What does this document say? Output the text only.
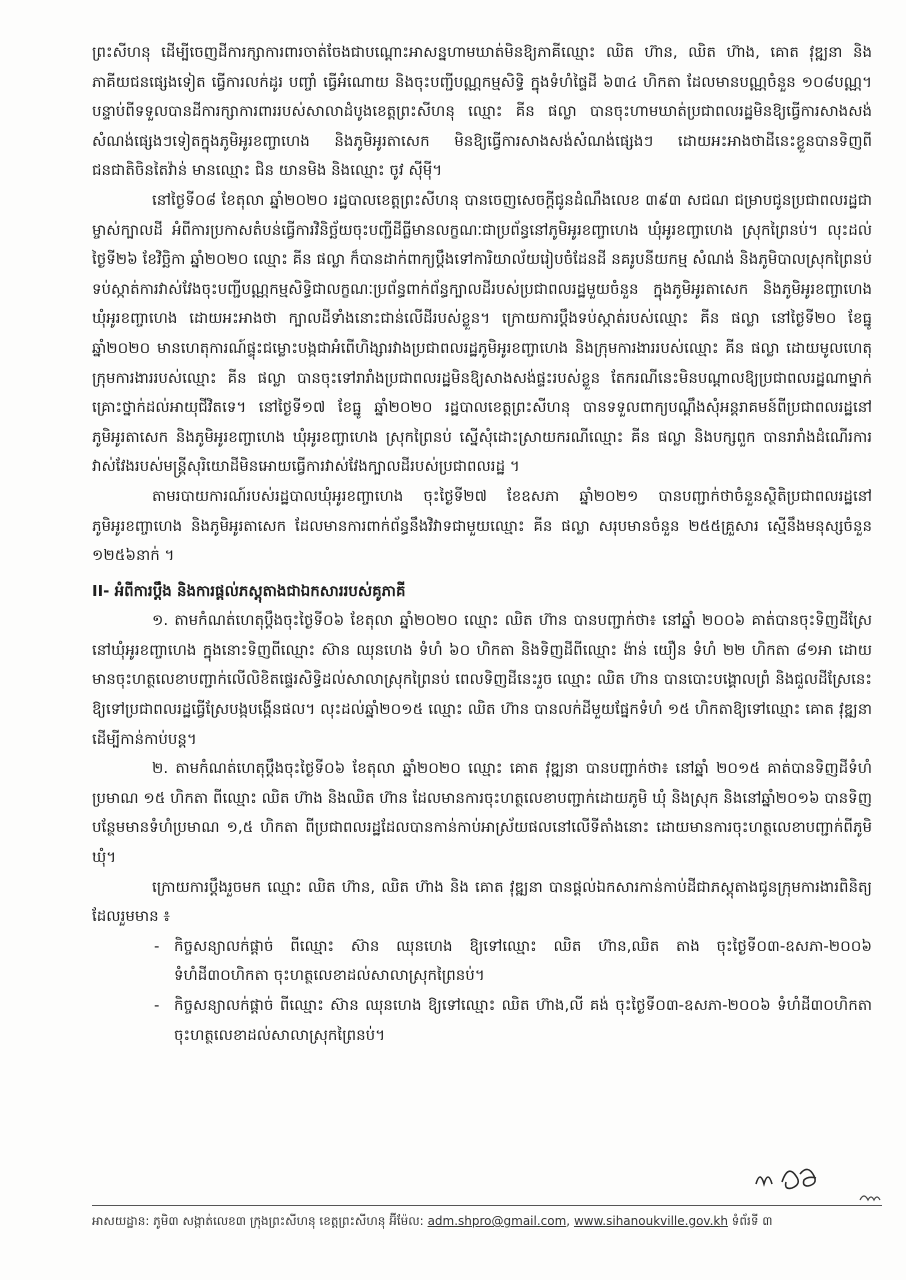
ព្រះសីហនុ ដើម្បីចេញដីការក្សាការពារចាត់ចែងជាបណ្ដោះអាសន្នហាមឃាត់មិនឱ្យភាគីឈ្មោះ ឈិត ហ៊ាន, ឈិត ហ៊ាង, គោត វុឌ្ឍនា និងភាគីយជនផ្សេងទៀត ធ្វើការលក់ដូរ បញ្ចាំ ធ្វើអំណោយ និងចុះបញ្ជីបណ្ណកម្មសិទ្ធិ ក្នុងទំហំផ្ទៃដី ៦៣៤ ហិកតា ដែលមានបណ្ណចំនួន ១០៨បណ្ណ។ បន្ទាប់ពីទទួលបានដីការក្សាការពាររបស់សាលាដំបូងខេត្តព្រះសីហនុ ឈ្មោះ គីន ផល្លា បានចុះហាមឃាត់ប្រជាពលរដ្ឋមិនឱ្យធ្វើការសាងសង់សំណង់ផ្សេងៗទៀតក្នុងភូមិអូរខញ្ចាហេង និងភូមិអូរតាសេក មិនឱ្យធ្វើការសាងសង់សំណង់ផ្សេងៗ ដោយអះអាងថាដីនេះខ្លួនបានទិញពីជនជាតិចិនតៃវ៉ាន់ មានឈ្មោះ ជិន យានមិង និងឈ្មោះ ចូវ ស៊ីម៉ី។

នៅថ្ងៃទី០៨ ខែតុលា ឆ្នាំ២០២០ រដ្ឋបាលខេត្តព្រះសីហនុ បានចេញសេចក្ដីជូនដំណឹងលេខ ៣៩៣ សជណ ជម្រាបជូនប្រជាពលរដ្ឋជាម្ចាស់ក្បាលដី អំពីការប្រកាសតំបន់ធ្វើការវិនិច្ឆ័យចុះបញ្ជីដីធ្លីមានលក្ខណៈជាប្រព័ន្ធនៅភូមិអូរខញ្ចាហេង ឃុំអូរខញ្ចាហេង ស្រុកព្រៃនប់។ លុះដល់ថ្ងៃទី២៦ ខែវិច្ឆិកា ឆ្នាំ២០២០ ឈ្មោះ គីន ផល្លា ក៏បានដាក់ពាក្យប្ដឹងទៅការិយាល័យរៀបចំដែនដី នគរូបនីយកម្ម សំណង់ និងភូមិបាលស្រុកព្រៃនប់ ទប់ស្កាត់ការវាស់វែងចុះបញ្ជីបណ្ណកម្មសិទ្ធិជាលក្ខណៈប្រព័ន្ធពាក់ព័ន្ធក្បាលដីរបស់ប្រជាពលរដ្ឋមួយចំនួន ក្នុងភូមិអូរតាសេក និងភូមិអូរខញ្ចាហេង ឃុំអូរខញ្ចាហេង ដោយអះអាងថា ក្បាលដីទាំងនោះជាន់លើដីរបស់ខ្លួន។ ក្រោយការប្ដឹងទប់ស្កាត់របស់ឈ្មោះ គីន ផល្លា នៅថ្ងៃទី២០ ខែធ្នូ ឆ្នាំ២០២០ មានហេតុការណ៍ផ្ទុះជម្លោះបង្កជាអំពើហិង្សារវាងប្រជាពលរដ្ឋភូមិអូរខញ្ចាហេង និងក្រុមការងាររបស់ឈ្មោះ គីន ផល្លា ដោយមូលហេតុក្រុមការងាររបស់ឈ្មោះ គីន ផល្លា បានចុះទៅរារាំងប្រជាពលរដ្ឋមិនឱ្យសាងសង់ផ្ទះរបស់ខ្លួន តែករណីនេះមិនបណ្ដាលឱ្យប្រជាពលរដ្ឋណាម្នាក់គ្រោះថ្នាក់ដល់អាយុជីវិតទេ។ នៅថ្ងៃទី១៧ ខែធ្នូ ឆ្នាំ២០២០ រដ្ឋបាលខេត្តព្រះសីហនុ បានទទួលពាក្យបណ្ដឹងសុំអន្តរាគមន៍ពីប្រជាពលរដ្ឋនៅភូមិអូរតាសេក និងភូមិអូរខញ្ចាហេង ឃុំអូរខញ្ចាហេង ស្រុកព្រៃនប់ ស្នើសុំដោះស្រាយករណីឈ្មោះ គីន ផល្លា និងបក្សពួក បានរារាំងដំណើរការវាស់វែងរបស់មន្ត្រីសុរិយោដីមិនអោយធ្វើការវាស់វែងក្បាលដីរបស់ប្រជាពលរដ្ឋ ។

តាមរបាយការណ៍របស់រដ្ឋបាលឃុំអូរខញ្ចាហេង ចុះថ្ងៃទី២៧ ខែឧសភា ឆ្នាំ២០២១ បានបញ្ជាក់ថាចំនួនស្ថិតិប្រជាពលរដ្ឋនៅភូមិអូរខញ្ចាហេង និងភូមិអូរតាសេក ដែលមានការពាក់ព័ន្ធនឹងវិវាទជាមួយឈ្មោះ គីន ផល្លា សរុបមានចំនួន ២៥៥គ្រួសារ ស្មើនឹងមនុស្សចំនួន ១២៥៦នាក់ ។

II- អំពីការប្ដឹង និងការផ្ដល់ភស្តុតាងជាឯកសាររបស់គូភាគី

១. តាមកំណត់ហេតុប្ដឹងចុះថ្ងៃទី០៦ ខែតុលា ឆ្នាំ២០២០ ឈ្មោះ ឈិត ហ៊ាន បានបញ្ជាក់ថា៖ នៅឆ្នាំ ២០០៦ គាត់បានចុះទិញដីស្រែនៅឃុំអូរខញ្ចាហេង ក្នុងនោះទិញពីឈ្មោះ ស៊ាន ឈុនហេង ទំហំ ៦០ ហិកតា និងទិញដីពីឈ្មោះ ង៉ាន់ យឿន ទំហំ ២២ ហិកតា ៨១អា ដោយមានចុះហត្ថលេខាបញ្ជាក់លើលិខិតផ្ទេរសិទ្ធិដល់សាលាស្រុកព្រៃនប់ ពេលទិញដីនេះរួច ឈ្មោះ ឈិត ហ៊ាន បានបោះបង្គោលព្រំ និងជួលដីស្រែនេះឱ្យទៅប្រជាពលរដ្ឋធ្វើស្រែបង្កបង្កើនផល។ លុះដល់ឆ្នាំ២០១៥ ឈ្មោះ ឈិត ហ៊ាន បានលក់ដីមួយផ្នែកទំហំ ១៥ ហិកតាឱ្យទៅឈ្មោះ គោត វុឌ្ឍនា ដើម្បីកាន់កាប់បន្ត។

២. តាមកំណត់ហេតុប្ដឹងចុះថ្ងៃទី០៦ ខែតុលា ឆ្នាំ២០២០ ឈ្មោះ គោត វុឌ្ឍនា បានបញ្ជាក់ថា៖ នៅឆ្នាំ ២០១៥ គាត់បានទិញដីទំហំប្រមាណ ១៥ ហិកតា ពីឈ្មោះ ឈិត ហ៊ាង និងឈិត ហ៊ាន ដែលមានការចុះហត្ថលេខាបញ្ជាក់ដោយភូមិ ឃុំ និងស្រុក និងនៅឆ្នាំ២០១៦ បានទិញបន្ថែមមានទំហំប្រមាណ ១,៥ ហិកតា ពីប្រជាពលរដ្ឋដែលបានកាន់កាប់អាស្រ័យផលនៅលើទីតាំងនោះ ដោយមានការចុះហត្ថលេខាបញ្ជាក់ពីភូមិ ឃុំ។

ក្រោយការប្ដឹងរួចមក ឈ្មោះ ឈិត ហ៊ាន, ឈិត ហ៊ាង និង គោត វុឌ្ឍនា បានផ្ដល់ឯកសារកាន់កាប់ដីជាភស្តុតាងជូនក្រុមការងារពិនិត្យដែលរួមមាន ៖

- កិច្ចសន្យាលក់ផ្ដាច់ ពីឈ្មោះ ស៊ាន ឈុនហេង ឱ្យទៅឈ្មោះ ឈិត ហ៊ាន,ឈិត តាង ចុះថ្ងៃទី០៣-ឧសភា-២០០៦ ទំហំដី៣០ហិកតា ចុះហត្ថលេខាដល់សាលាស្រុកព្រៃនប់។
- កិច្ចសន្យាលក់ផ្ដាច់ ពីឈ្មោះ ស៊ាន ឈុនហេង ឱ្យទៅឈ្មោះ ឈិត ហ៊ាង,លី គង់ ចុះថ្ងៃទី០៣-ឧសភា-២០០៦ ទំហំដី៣០ហិកតា ចុះហត្ថលេខាដល់សាលាស្រុកព្រៃនប់។
អាសយដ្ឋាន: ភូមិ៣ សង្កាត់លេខ៣ ក្រុងព្រះសីហនុ ខេត្តព្រះសីហនុ អ៊ីម៉ែល: adm.shpro@gmail.com, www.sihanoukville.gov.kh ទំព័រទី ៣
